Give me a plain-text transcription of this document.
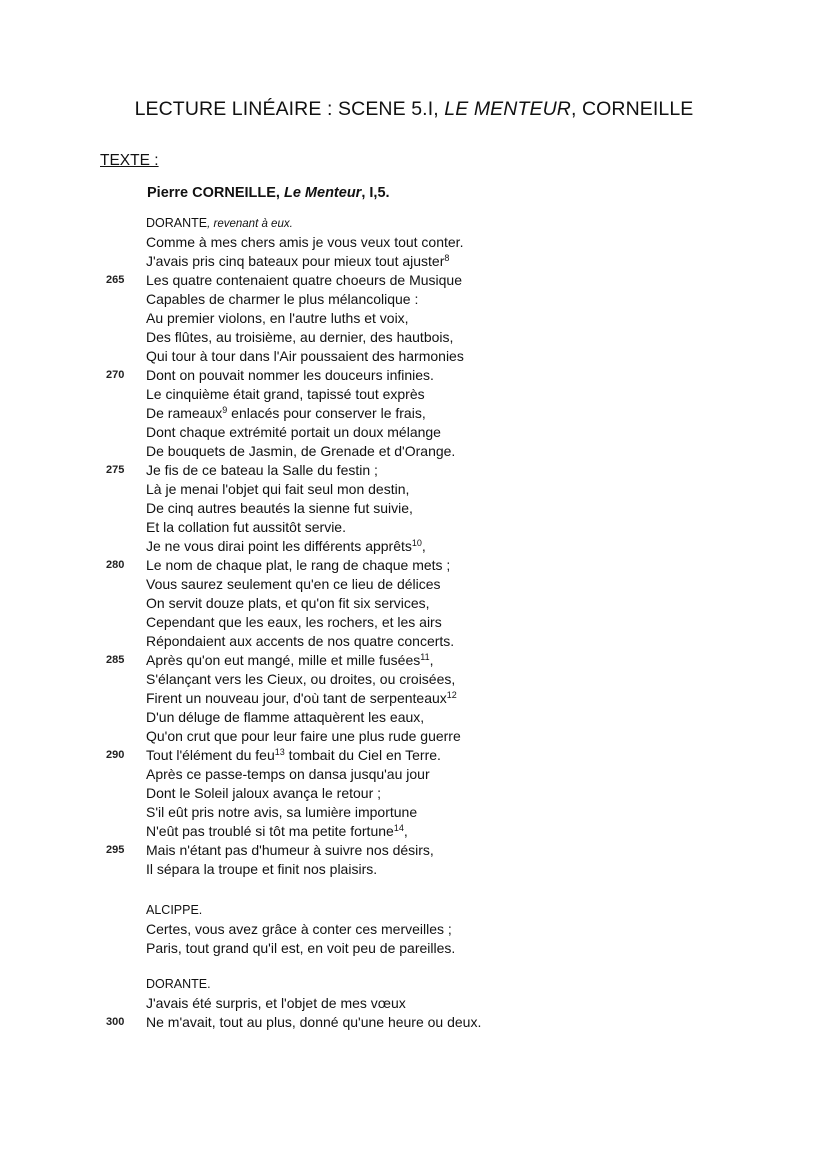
LECTURE LINÉAIRE : SCENE 5.I, LE MENTEUR, CORNEILLE
TEXTE :
Pierre CORNEILLE, Le Menteur, I,5.
DORANTE, revenant à eux.
Comme à mes chers amis je vous veux tout conter.
J'avais pris cinq bateaux pour mieux tout ajuster$^8$
265	Les quatre contenaient quatre choeurs de Musique
Capables de charmer le plus mélancolique :
Au premier violons, en l'autre luths et voix,
Des flûtes, au troisième, au dernier, des hautbois,
Qui tour à tour dans l'Air poussaient des harmonies
270	Dont on pouvait nommer les douceurs infinies.
Le cinquième était grand, tapissé tout exprès
De rameaux$^9$ enlacés pour conserver le frais,
Dont chaque extrémité portait un doux mélange
De bouquets de Jasmin, de Grenade et d'Orange.
275	Je fis de ce bateau la Salle du festin ;
Là je menai l'objet qui fait seul mon destin,
De cinq autres beautés la sienne fut suivie,
Et la collation fut aussitôt servie.
Je ne vous dirai point les différents apprêts$^{10}$,
280	Le nom de chaque plat, le rang de chaque mets ;
Vous saurez seulement qu'en ce lieu de délices
On servit douze plats, et qu'on fit six services,
Cependant que les eaux, les rochers, et les airs
Répondaient aux accents de nos quatre concerts.
285	Après qu'on eut mangé, mille et mille fusées$^{11}$,
S'élançant vers les Cieux, ou droites, ou croisées,
Firent un nouveau jour, d'où tant de serpenteaux$^{12}$
D'un déluge de flamme attaquèrent les eaux,
Qu'on crut que pour leur faire une plus rude guerre
290	Tout l'élément du feu$^{13}$ tombait du Ciel en Terre.
Après ce passe-temps on dansa jusqu'au jour
Dont le Soleil jaloux avança le retour ;
S'il eût pris notre avis, sa lumière importune
N'eût pas troublé si tôt ma petite fortune$^{14}$,
295	Mais n'étant pas d'humeur à suivre nos désirs,
Il sépara la troupe et finit nos plaisirs.
ALCIPPE.
Certes, vous avez grâce à conter ces merveilles ;
Paris, tout grand qu'il est, en voit peu de pareilles.
DORANTE.
J'avais été surpris, et l'objet de mes vœux
300	Ne m'avait, tout au plus, donné qu'une heure ou deux.
